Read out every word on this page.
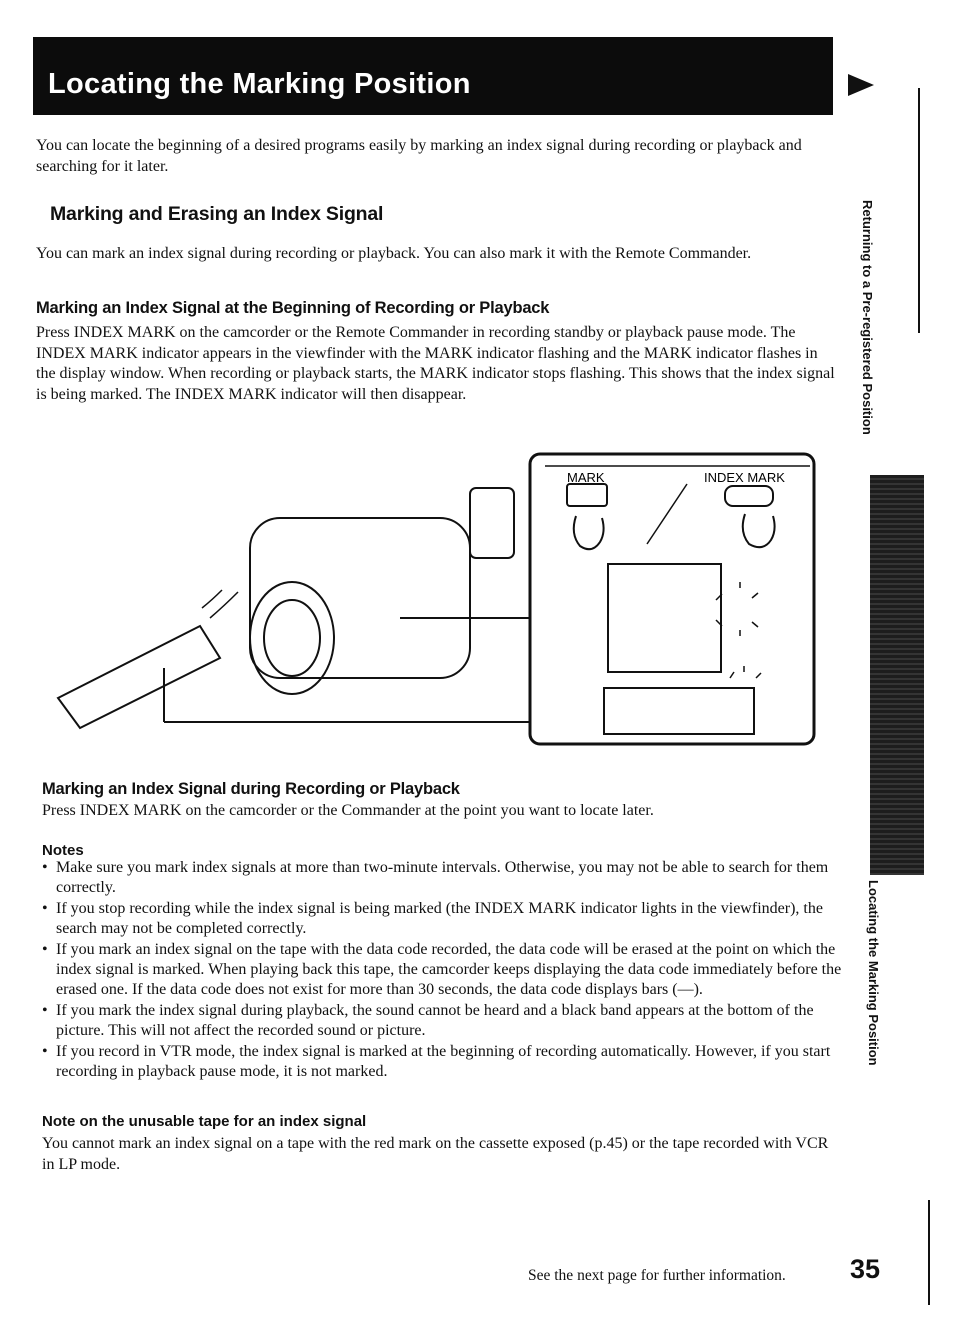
Locating the Marking Position
Returning to a Pre-registered Position
Locating the Marking Position
You can locate the beginning of a desired programs easily by marking an index signal during recording or playback and searching for it later.
Marking and Erasing an Index Signal
You can mark an index signal during recording or playback. You can also mark it with the Remote Commander.
Marking an Index Signal at the Beginning of Recording or Playback
Press INDEX MARK on the camcorder or the Remote Commander in recording standby or playback pause mode. The INDEX MARK indicator appears in the viewfinder with the MARK indicator flashing and the MARK indicator flashes in the display window. When recording or playback starts, the MARK indicator stops flashing. This shows that the index signal is being marked. The INDEX MARK indicator will then disappear.
MARK	INDEX MARK
Marking an Index Signal during Recording or Playback
Press INDEX MARK on the camcorder or the Commander at the point you want to locate later.
Notes
• Make sure you mark index signals at more than two-minute intervals. Otherwise, you may not be able to search for them correctly.
• If you stop recording while the index signal is being marked (the INDEX MARK indicator lights in the viewfinder), the search may not be completed correctly.
• If you mark an index signal on the tape with the data code recorded, the data code will be erased at the point on which the index signal is marked. When playing back this tape, the camcorder keeps displaying the data code immediately before the erased one. If the data code does not exist for more than 30 seconds, the data code displays bars (—).
• If you mark the index signal during playback, the sound cannot be heard and a black band appears at the bottom of the picture. This will not affect the recorded sound or picture.
• If you record in VTR mode, the index signal is marked at the beginning of recording automatically. However, if you start recording in playback pause mode, it is not marked.
Note on the unusable tape for an index signal
You cannot mark an index signal on a tape with the red mark on the cassette exposed (p.45) or the tape recorded with VCR in LP mode.
See the next page for further information. 35
